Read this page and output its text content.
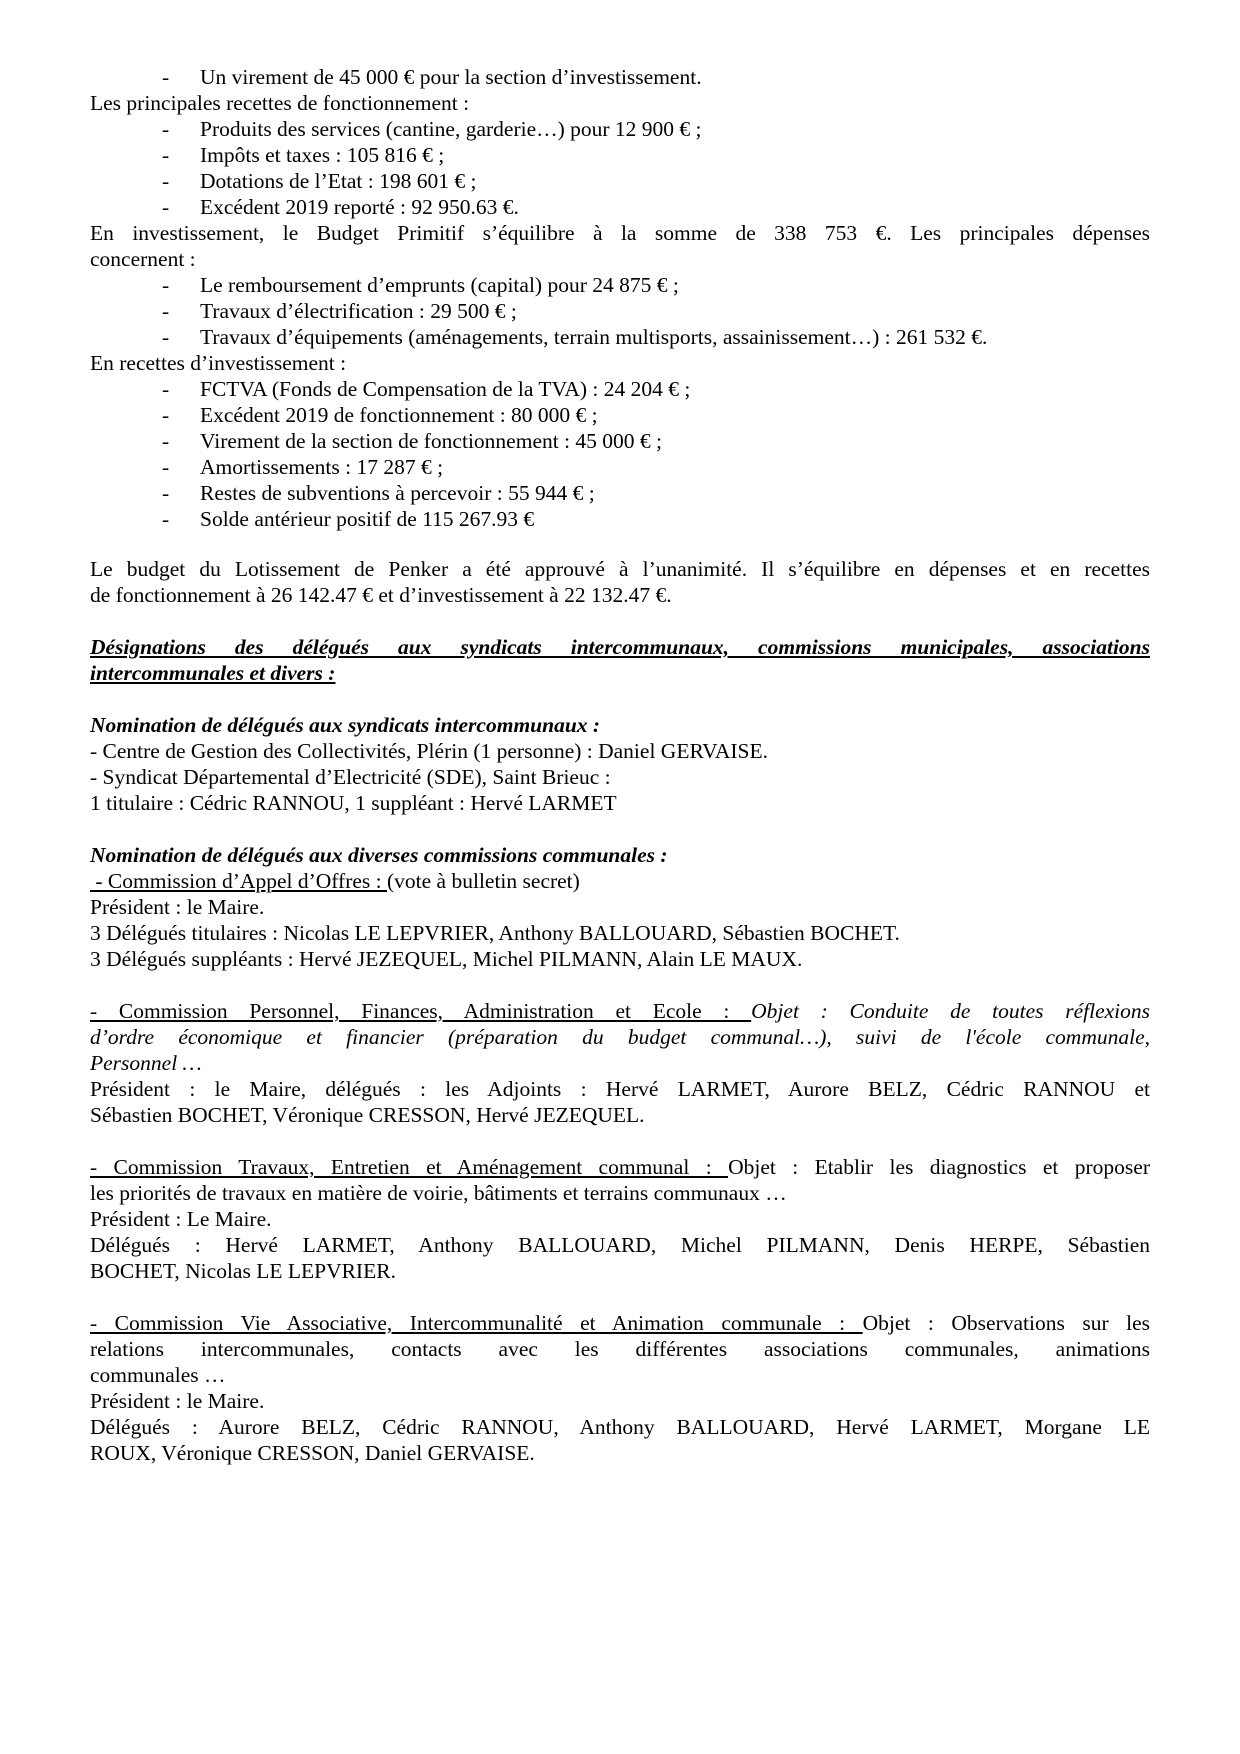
- Un virement de 45 000 € pour la section d’investissement.
Les principales recettes de fonctionnement :
- Produits des services (cantine, garderie…) pour 12 900 € ;
- Impôts et taxes : 105 816 € ;
- Dotations de l’Etat : 198 601 € ;
- Excédent 2019 reporté : 92 950.63 €.
En investissement, le Budget Primitif s’équilibre à la somme de 338 753 €. Les principales dépenses
concernent :
- Le remboursement d’emprunts (capital) pour 24 875 € ;
- Travaux d’électrification : 29 500 € ;
- Travaux d’équipements (aménagements, terrain multisports, assainissement…) : 261 532 €.
En recettes d’investissement :
- FCTVA (Fonds de Compensation de la TVA) : 24 204 € ;
- Excédent 2019 de fonctionnement : 80 000 € ;
- Virement de la section de fonctionnement : 45 000 € ;
- Amortissements : 17 287 € ;
- Restes de subventions à percevoir : 55 944 € ;
- Solde antérieur positif de 115 267.93 €
Le budget du Lotissement de Penker a été approuvé à l’unanimité. Il s’équilibre en dépenses et en recettes
de fonctionnement à 26 142.47 € et d’investissement à 22 132.47 €.
Désignations des délégués aux syndicats intercommunaux, commissions municipales, associations
intercommunales et divers :
Nomination de délégués aux syndicats intercommunaux :
- Centre de Gestion des Collectivités, Plérin (1 personne) : Daniel GERVAISE.
- Syndicat Départemental d’Electricité (SDE), Saint Brieuc :
1 titulaire : Cédric RANNOU, 1 suppléant : Hervé LARMET
Nomination de délégués aux diverses commissions communales :
- Commission d’Appel d’Offres : (vote à bulletin secret)
Président : le Maire.
3 Délégués titulaires : Nicolas LE LEPVRIER, Anthony BALLOUARD, Sébastien BOCHET.
3 Délégués suppléants : Hervé JEZEQUEL, Michel PILMANN, Alain LE MAUX.
- Commission Personnel, Finances, Administration et Ecole : Objet : Conduite de toutes réflexions
d’ordre économique et financier (préparation du budget communal…), suivi de l'école communale,
Personnel …
Président : le Maire, délégués : les Adjoints : Hervé LARMET, Aurore BELZ, Cédric RANNOU et
Sébastien BOCHET, Véronique CRESSON, Hervé JEZEQUEL.
- Commission Travaux, Entretien et Aménagement communal : Objet : Etablir les diagnostics et proposer
les priorités de travaux en matière de voirie, bâtiments et terrains communaux …
Président : Le Maire.
Délégués : Hervé LARMET, Anthony BALLOUARD, Michel PILMANN, Denis HERPE, Sébastien
BOCHET, Nicolas LE LEPVRIER.
- Commission Vie Associative, Intercommunalité et Animation communale : Objet : Observations sur les
relations intercommunales, contacts avec les différentes associations communales, animations
communales …
Président : le Maire.
Délégués : Aurore BELZ, Cédric RANNOU, Anthony BALLOUARD, Hervé LARMET, Morgane LE
ROUX, Véronique CRESSON, Daniel GERVAISE.
